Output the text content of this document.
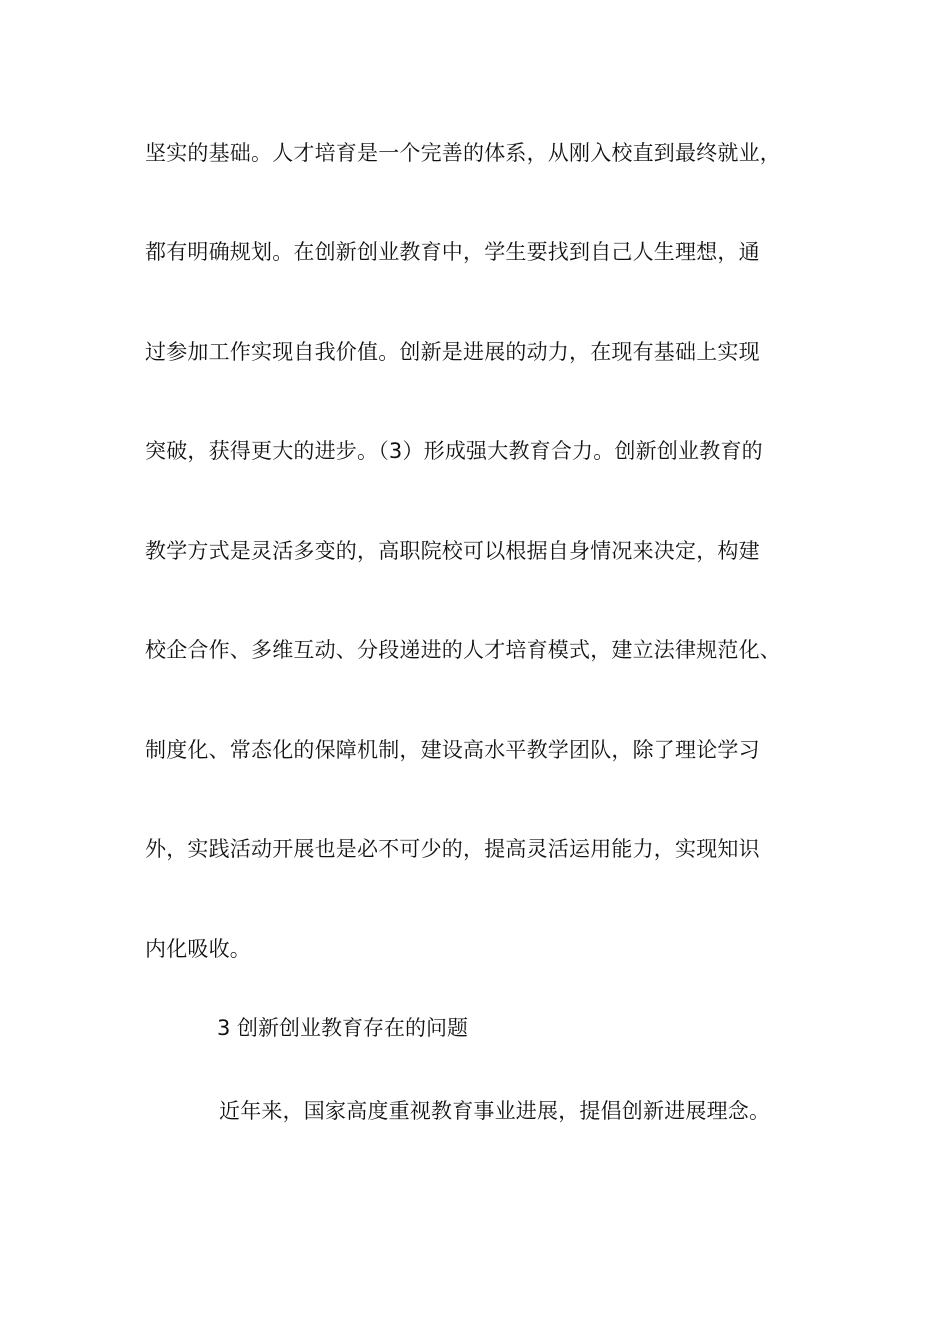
坚实的基础。人才培育是一个完善的体系，从刚入校直到最终就业，
都有明确规划。在创新创业教育中，学生要找到自己人生理想，通
过参加工作实现自我价值。创新是进展的动力，在现有基础上实现
突破，获得更大的进步。（3）形成强大教育合力。创新创业教育的
教学方式是灵活多变的，高职院校可以根据自身情况来决定，构建
校企合作、多维互动、分段递进的人才培育模式，建立法律规范化、
制度化、常态化的保障机制，建设高水平教学团队，除了理论学习
外，实践活动开展也是必不可少的，提高灵活运用能力，实现知识
内化吸收。
3 创新创业教育存在的问题
近年来，国家高度重视教育事业进展，提倡创新进展理念。
